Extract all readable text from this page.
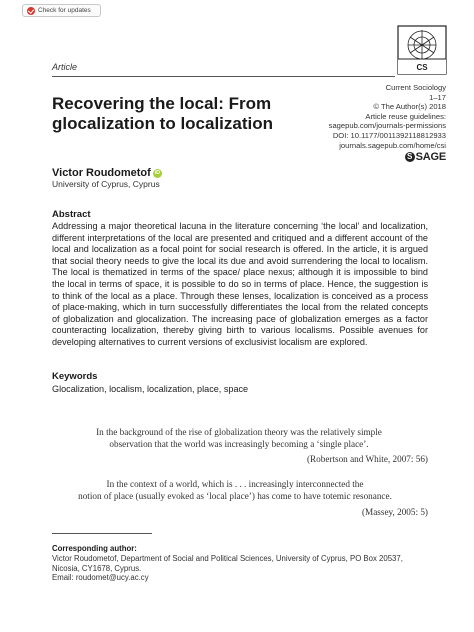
Check for updates
CS
Article
Current Sociology
1–17
© The Author(s) 2018
Article reuse guidelines:
sagepub.com/journals-permissions
DOI: 10.1177/0011392118812933
journals.sagepub.com/home/csi
S SAGE
Recovering the local: From
glocalization to localization
Victor Roudometof iD
University of Cyprus, Cyprus
Abstract

Addressing a major theoretical lacuna in the literature concerning ‘the local’ and localization, different interpretations of the local are presented and critiqued and a different account of the local and localization as a focal point for social research is offered. In the article, it is argued that social theory needs to give the local its due and avoid surrendering the local to localism. The local is thematized in terms of the space/ place nexus; although it is impossible to bind the local in terms of space, it is possible to do so in terms of place. Hence, the suggestion is to think of the local as a place. Through these lenses, localization is conceived as a process of place-making, which in turn successfully differentiates the local from the related concepts of globalization and glocalization. The increasing pace of globalization emerges as a factor counteracting localization, thereby giving birth to various localisms. Possible avenues for developing alternatives to current versions of exclusivist localism are explored.

Keywords
Glocalization, localism, localization, place, space
In the background of the rise of globalization theory was the relatively simple
observation that the world was increasingly becoming a ‘single place’.
(Robertson and White, 2007: 56)
In the context of a world, which is . . . increasingly interconnected the
notion of place (usually evoked as ‘local place’) has come to have totemic resonance.
(Massey, 2005: 5)
Corresponding author:
Victor Roudometof, Department of Social and Political Sciences, University of Cyprus, PO Box 20537,
Nicosia, CY1678, Cyprus.
Email: roudomet@ucy.ac.cy
